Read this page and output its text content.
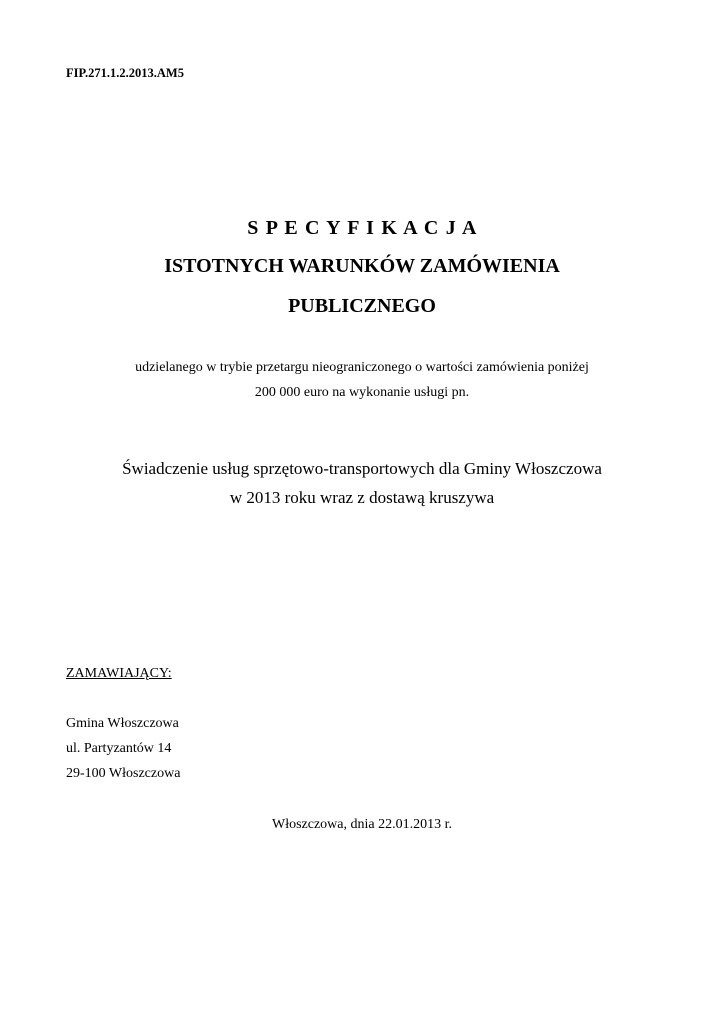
FIP.271.1.2.2013.AM5
S P E C Y F I K A C J A
ISTOTNYCH WARUNKÓW ZAMÓWIENIA
PUBLICZNEGO
udzielanego w trybie przetargu nieograniczonego o wartości zamówienia poniżej
200 000 euro na wykonanie usługi pn.
Świadczenie usług sprzętowo-transportowych dla Gminy Włoszczowa
w 2013 roku wraz z dostawą kruszywa
ZAMAWIAJĄCY:
Gmina Włoszczowa
ul. Partyzantów 14
29-100 Włoszczowa
Włoszczowa, dnia 22.01.2013 r.
